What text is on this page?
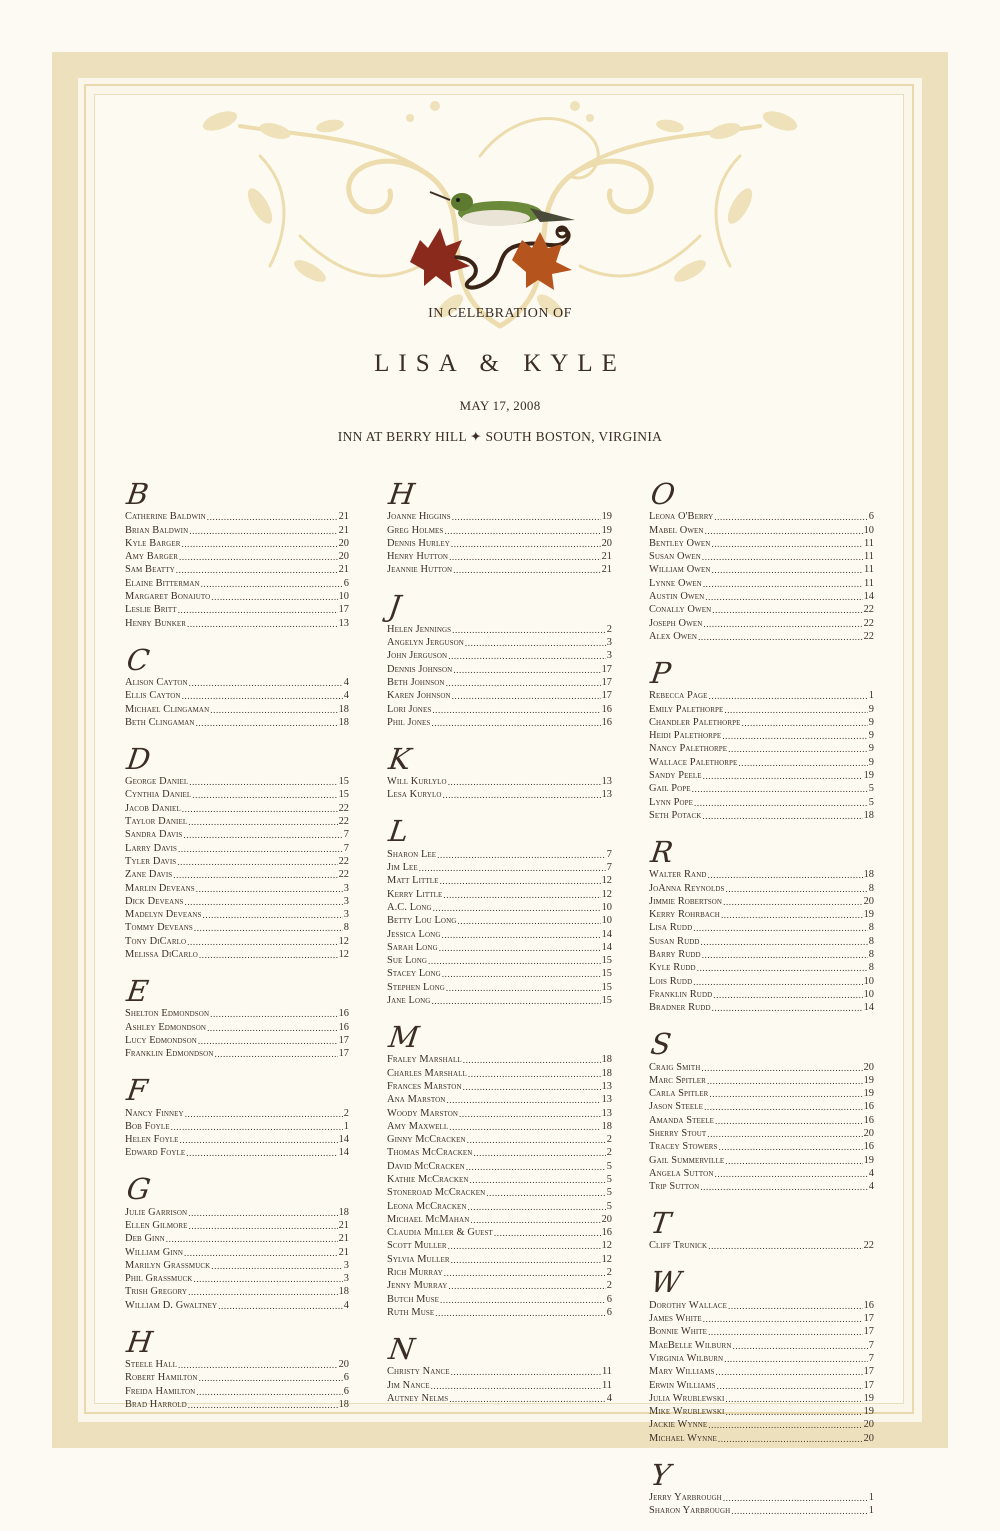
IN CELEBRATION OF
LISA & KYLE
MAY 17, 2008
INN AT BERRY HILL ✦ SOUTH BOSTON, VIRGINIA
B
Catherine Baldwin .....	21
Brian Baldwin .....	21
Kyle Barger .....	20
Amy Barger .....	20
Sam Beatty .....	21
Elaine Bitterman .....	6
Margaret Bonaiuto .....	10
Leslie Britt .....	17
Henry Bunker .....	13
C
Alison Cayton .....	4
Ellis Cayton .....	4
Michael Clingaman .....	18
Beth Clingaman .....	18
D
George Daniel .....	15
Cynthia Daniel .....	15
Jacob Daniel .....	22
Taylor Daniel .....	22
Sandra Davis .....	7
Larry Davis .....	7
Tyler Davis .....	22
Zane Davis .....	22
Marlin Deveans .....	3
Dick Deveans .....	3
Madelyn Deveans .....	3
Tommy Deveans .....	8
Tony DiCarlo .....	12
Melissa DiCarlo .....	12
E
Shelton Edmondson .....	16
Ashley Edmondson .....	16
Lucy Edmondson .....	17
Franklin Edmondson .....	17
F
Nancy Finney .....	2
Bob Foyle .....	1
Helen Foyle .....	14
Edward Foyle .....	14
G
Julie Garrison .....	18
Ellen Gilmore .....	21
Deb Ginn .....	21
William Ginn .....	21
Marilyn Grassmuck .....	3
Phil Grassmuck .....	3
Trish Gregory .....	18
William D. Gwaltney .....	4
H
Steele Hall .....	20
Robert Hamilton .....	6
Freida Hamilton .....	6
Brad Harrold .....	18
H
Joanne Higgins .....	19
Greg Holmes .....	19
Dennis Hurley .....	20
Henry Hutton .....	21
Jeannie Hutton .....	21
J
Helen Jennings .....	2
Angelyn Jerguson .....	3
John Jerguson .....	3
Dennis Johnson .....	17
Beth Johnson .....	17
Karen Johnson .....	17
Lori Jones .....	16
Phil Jones .....	16
K
Will Kurlylo .....	13
Lesa Kurylo .....	13
L
Sharon Lee .....	7
Jim Lee .....	7
Matt Little .....	12
Kerry Little .....	12
A.C. Long .....	10
Betty Lou Long .....	10
Jessica Long .....	14
Sarah Long .....	14
Sue Long .....	15
Stacey Long .....	15
Stephen Long .....	15
Jane Long .....	15
M
Fraley Marshall .....	18
Charles Marshall .....	18
Frances Marston .....	13
Ana Marston .....	13
Woody Marston .....	13
Amy Maxwell .....	18
Ginny McCracken .....	2
Thomas McCracken .....	2
David McCracken .....	5
Kathie McCracken .....	5
Stoneroad McCracken .....	5
Leona McCracken .....	5
Michael McMahan .....	20
Claudia Miller & Guest .....	16
Scott Muller .....	12
Sylvia Muller .....	12
Rich Murray .....	2
Jenny Murray .....	2
Butch Muse .....	6
Ruth Muse .....	6
N
Christy Nance .....	11
Jim Nance .....	11
Autney Nelms .....	4
O
Leona O'Berry .....	6
Mabel Owen .....	10
Bentley Owen .....	11
Susan Owen .....	11
William Owen .....	11
Lynne Owen .....	11
Austin Owen .....	14
Conally Owen .....	22
Joseph Owen .....	22
Alex Owen .....	22
P
Rebecca Page .....	1
Emily Palethorpe .....	9
Chandler Palethorpe .....	9
Heidi Palethorpe .....	9
Nancy Palethorpe .....	9
Wallace Palethorpe .....	9
Sandy Peele .....	19
Gail Pope .....	5
Lynn Pope .....	5
Seth Potack .....	18
R
Walter Rand .....	18
JoAnna Reynolds .....	8
Jimmie Robertson .....	20
Kerry Rohrbach .....	19
Lisa Rudd .....	8
Susan Rudd .....	8
Barry Rudd .....	8
Kyle Rudd .....	8
Lois Rudd .....	10
Franklin Rudd .....	10
Bradner Rudd .....	14
S
Craig Smith .....	20
Marc Spitler .....	19
Carla Spitler .....	19
Jason Steele .....	16
Amanda Steele .....	16
Sherry Stout .....	20
Tracey Stowers .....	16
Gail Summerville .....	19
Angela Sutton .....	4
Trip Sutton .....	4
T
Cliff Trunick .....	22
W
Dorothy Wallace .....	16
James White .....	17
Bonnie White .....	17
MaeBelle Wilburn .....	7
Virginia Wilburn .....	7
Mary Williams .....	17
Erwin Williams .....	17
Julia Wrublewski .....	19
Mike Wrublewski .....	19
Jackie Wynne .....	20
Michael Wynne .....	20
Y
Jerry Yarbrough .....	1
Sharon Yarbrough .....	1
